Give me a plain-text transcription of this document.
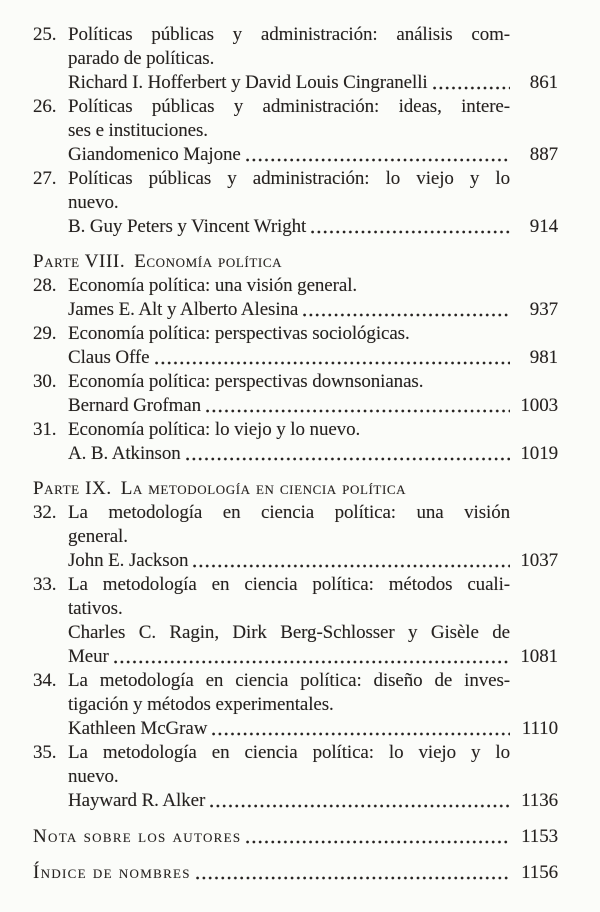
25. Políticas públicas y administración: análisis com-
parado de políticas.
Richard I. Hofferbert y David Louis Cingranelli	861
26. Políticas públicas y administración: ideas, intere-
ses e instituciones.
Giandomenico Majone	887
27. Políticas públicas y administración: lo viejo y lo
nuevo.
B. Guy Peters y Vincent Wright	914
Parte VIII. Economía política
28. Economía política: una visión general.
James E. Alt y Alberto Alesina	937
29. Economía política: perspectivas sociológicas.
Claus Offe	981
30. Economía política: perspectivas downsonianas.
Bernard Grofman	1003
31. Economía política: lo viejo y lo nuevo.
A. B. Atkinson	1019
Parte IX. La metodología en ciencia política
32. La metodología en ciencia política: una visión
general.
John E. Jackson	1037
33. La metodología en ciencia política: métodos cuali-
tativos.
Charles C. Ragin, Dirk Berg-Schlosser y Gisèle de
Meur	1081
34. La metodología en ciencia política: diseño de inves-
tigación y métodos experimentales.
Kathleen McGraw	1110
35. La metodología en ciencia política: lo viejo y lo
nuevo.
Hayward R. Alker	1136
Nota sobre los autores	1153
Índice de nombres	1156
